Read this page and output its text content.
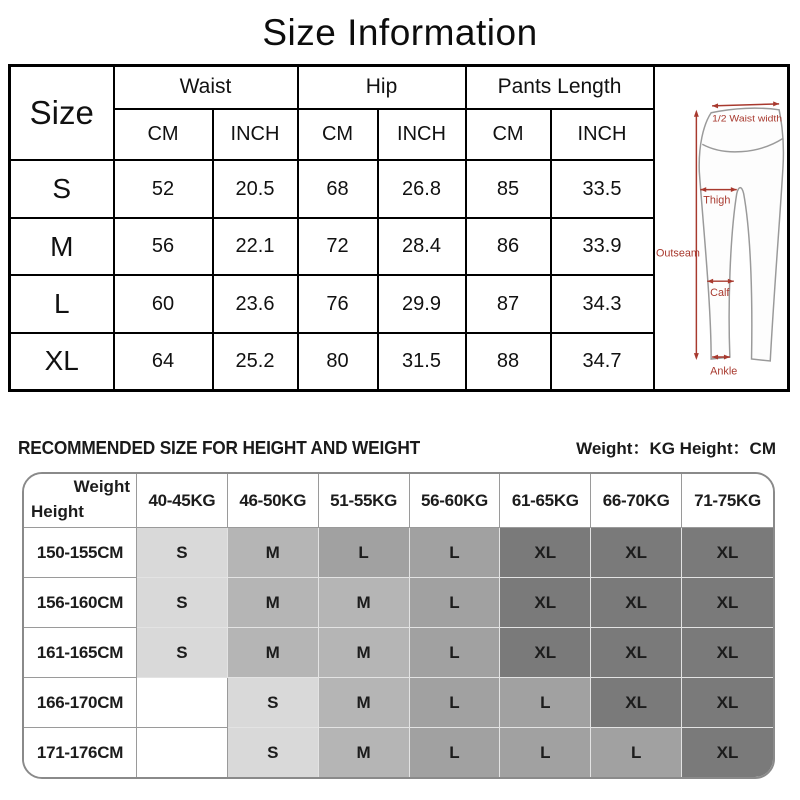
Size Information
Size	Waist		Hip		Pants Length		1/2 Waist width
Thigh
Outseam
Calf
Ankle

	CM	INCH	CM	INCH	CM	INCH	
S	52	20.5	68	26.8	85	33.5	
M	56	22.1	72	28.4	86	33.9	
L	60	23.6	76	29.9	87	34.3	
XL	64	25.2	80	31.5	88	34.7	
RECOMMENDED SIZE FOR HEIGHT AND WEIGHT	Weight：KG Height：CM
Weight
Height	40-45KG	46-50KG	51-55KG	56-60KG	61-65KG	66-70KG	71-75KG
150-155CM	S	M	L	L	XL	XL	XL
156-160CM	S	M	M	L	XL	XL	XL
161-165CM	S	M	M	L	XL	XL	XL
166-170CM		S	M	L	L	XL	XL
171-176CM		S	M	L	L	L	XL
